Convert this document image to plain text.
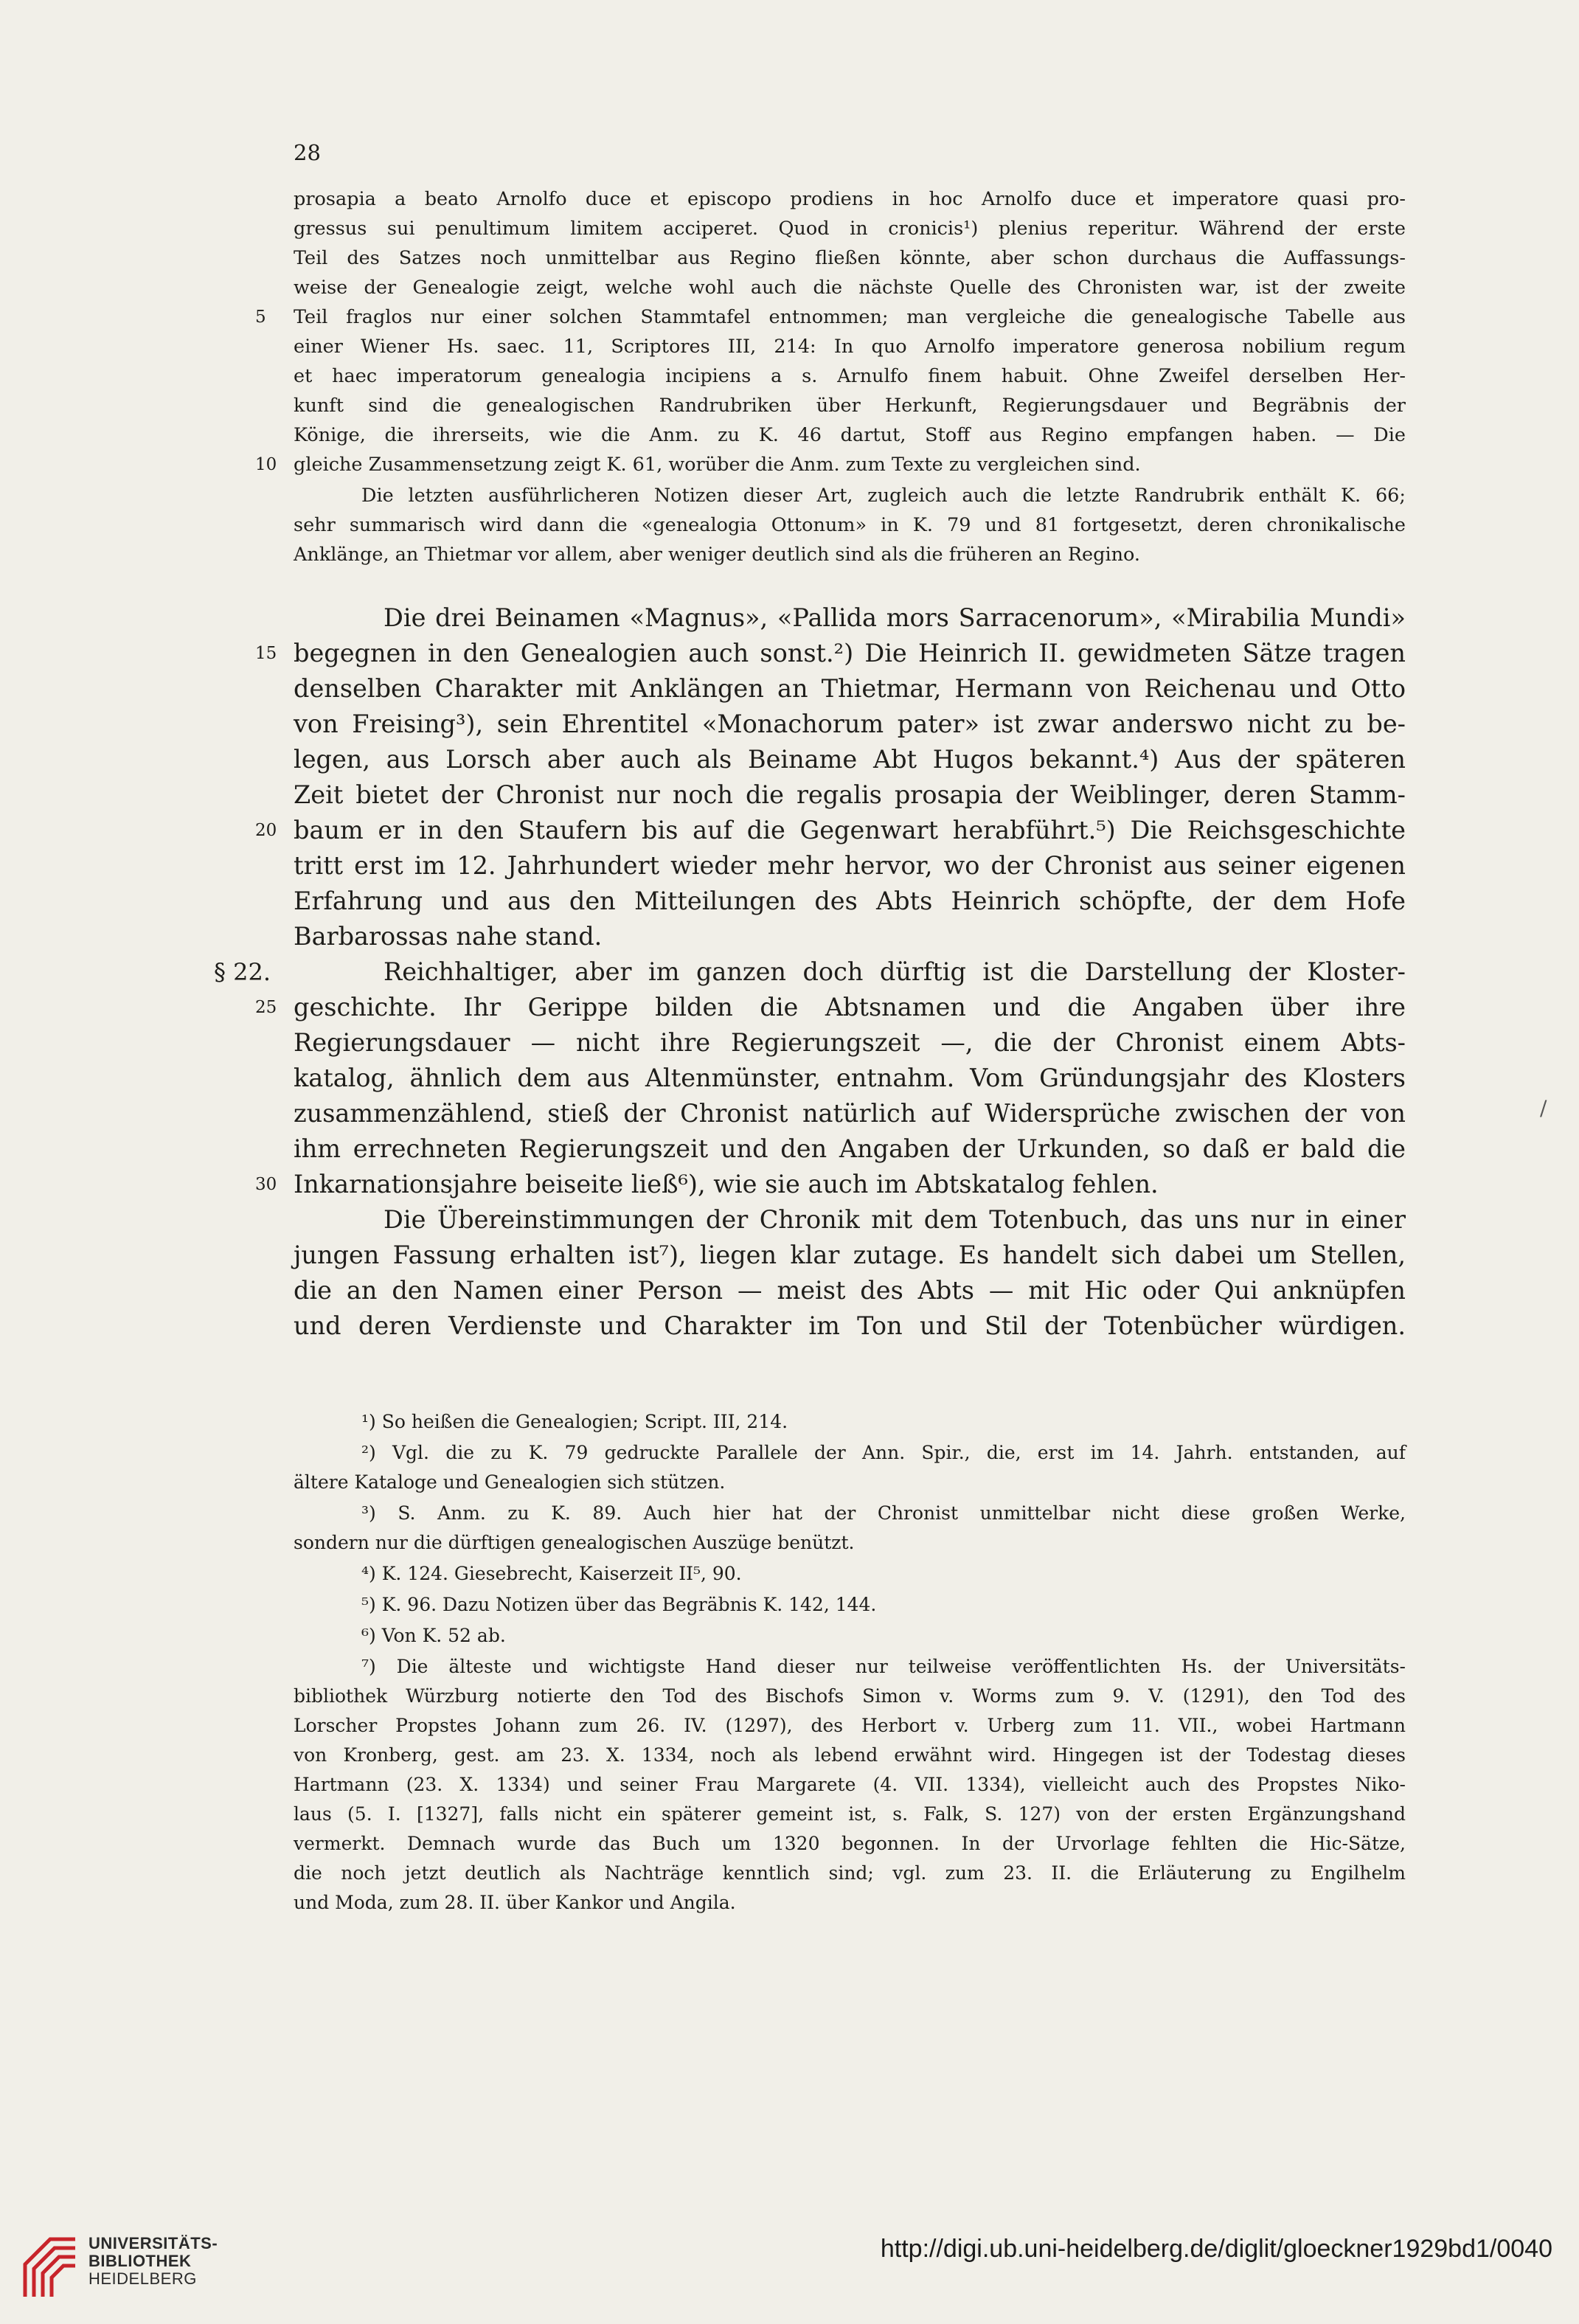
28
prosapia a beato Arnolfo duce et episcopo prodiens in hoc Arnolfo duce et imperatore quasi pro-
gressus sui penultimum limitem acciperet. Quod in cronicis¹) plenius reperitur. Während der erste
Teil des Satzes noch unmittelbar aus Regino fließen könnte, aber schon durchaus die Auffassungs-
weise der Genealogie zeigt, welche wohl auch die nächste Quelle des Chronisten war, ist der zweite
5 Teil fraglos nur einer solchen Stammtafel entnommen; man vergleiche die genealogische Tabelle aus
einer Wiener Hs. saec. 11, Scriptores III, 214: In quo Arnolfo imperatore generosa nobilium regum
et haec imperatorum genealogia incipiens a s. Arnulfo finem habuit. Ohne Zweifel derselben Her-
kunft sind die genealogischen Randrubriken über Herkunft, Regierungsdauer und Begräbnis der
Könige, die ihrerseits, wie die Anm. zu K. 46 dartut, Stoff aus Regino empfangen haben. — Die
10 gleiche Zusammensetzung zeigt K. 61, worüber die Anm. zum Texte zu vergleichen sind.
Die letzten ausführlicheren Notizen dieser Art, zugleich auch die letzte Randrubrik enthält K. 66;
sehr summarisch wird dann die «genealogia Ottonum» in K. 79 und 81 fortgesetzt, deren chronikalische
Anklänge, an Thietmar vor allem, aber weniger deutlich sind als die früheren an Regino.
Die drei Beinamen «Magnus», «Pallida mors Sarracenorum», «Mirabilia Mundi»
15 begegnen in den Genealogien auch sonst.²) Die Heinrich II. gewidmeten Sätze tragen
denselben Charakter mit Anklängen an Thietmar, Hermann von Reichenau und Otto
von Freising³), sein Ehrentitel «Monachorum pater» ist zwar anderswo nicht zu be-
legen, aus Lorsch aber auch als Beiname Abt Hugos bekannt.⁴) Aus der späteren
Zeit bietet der Chronist nur noch die regalis prosapia der Weiblinger, deren Stamm-
20 baum er in den Staufern bis auf die Gegenwart herabführt.⁵) Die Reichsgeschichte
tritt erst im 12. Jahrhundert wieder mehr hervor, wo der Chronist aus seiner eigenen
Erfahrung und aus den Mitteilungen des Abts Heinrich schöpfte, der dem Hofe
Barbarossas nahe stand.
§ 22.	Reichhaltiger, aber im ganzen doch dürftig ist die Darstellung der Kloster-
25 geschichte. Ihr Gerippe bilden die Abtsnamen und die Angaben über ihre
Regierungsdauer — nicht ihre Regierungszeit —, die der Chronist einem Abts-
katalog, ähnlich dem aus Altenmünster, entnahm. Vom Gründungsjahr des Klosters
zusammenzählend, stieß der Chronist natürlich auf Widersprüche zwischen der von
ihm errechneten Regierungszeit und den Angaben der Urkunden, so daß er bald die
30 Inkarnationsjahre beiseite ließ⁶), wie sie auch im Abtskatalog fehlen.
Die Übereinstimmungen der Chronik mit dem Totenbuch, das uns nur in einer
jungen Fassung erhalten ist⁷), liegen klar zutage. Es handelt sich dabei um Stellen,
die an den Namen einer Person — meist des Abts — mit Hic oder Qui anknüpfen
und deren Verdienste und Charakter im Ton und Stil der Totenbücher würdigen.
/
¹) So heißen die Genealogien; Script. III, 214.
²) Vgl. die zu K. 79 gedruckte Parallele der Ann. Spir., die, erst im 14. Jahrh. entstanden, auf
ältere Kataloge und Genealogien sich stützen.
³) S. Anm. zu K. 89. Auch hier hat der Chronist unmittelbar nicht diese großen Werke,
sondern nur die dürftigen genealogischen Auszüge benützt.
⁴) K. 124. Giesebrecht, Kaiserzeit II⁵, 90.
⁵) K. 96. Dazu Notizen über das Begräbnis K. 142, 144.
⁶) Von K. 52 ab.
⁷) Die älteste und wichtigste Hand dieser nur teilweise veröffentlichten Hs. der Universitäts-
bibliothek Würzburg notierte den Tod des Bischofs Simon v. Worms zum 9. V. (1291), den Tod des
Lorscher Propstes Johann zum 26. IV. (1297), des Herbort v. Urberg zum 11. VII., wobei Hartmann
von Kronberg, gest. am 23. X. 1334, noch als lebend erwähnt wird. Hingegen ist der Todestag dieses
Hartmann (23. X. 1334) und seiner Frau Margarete (4. VII. 1334), vielleicht auch des Propstes Niko-
laus (5. I. [1327], falls nicht ein späterer gemeint ist, s. Falk, S. 127) von der ersten Ergänzungshand
vermerkt. Demnach wurde das Buch um 1320 begonnen. In der Urvorlage fehlten die Hic-Sätze,
die noch jetzt deutlich als Nachträge kenntlich sind; vgl. zum 23. II. die Erläuterung zu Engilhelm
und Moda, zum 28. II. über Kankor und Angila.
UNIVERSITÄTS-
BIBLIOTHEK
HEIDELBERG
http://digi.ub.uni-heidelberg.de/diglit/gloeckner1929bd1/0040
